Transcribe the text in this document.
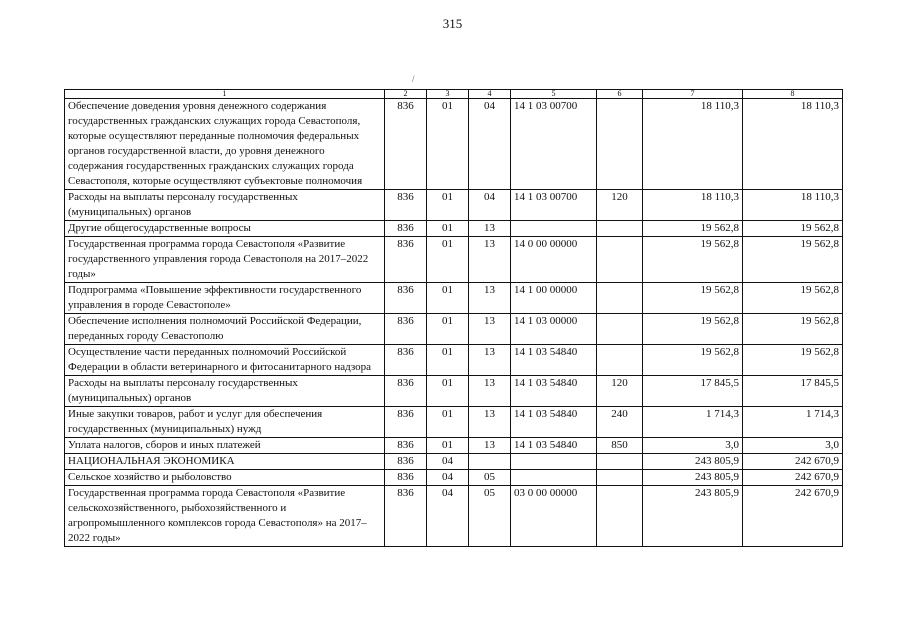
315
/
1	2	3	4	5	6	7	8
Обеспечение доведения уровня денежного содержания государственных гражданских служащих города Севастополя, которые осуществляют переданные полномочия федеральных органов государственной власти, до уровня денежного содержания государственных гражданских служащих города Севастополя, которые осуществляют субъектовые полномочия	836	01	04	14 1 03 00700		18 110,3	18 110,3
Расходы на выплаты персоналу государственных (муниципальных) органов	836	01	04	14 1 03 00700	120	18 110,3	18 110,3
Другие общегосударственные вопросы	836	01	13			19 562,8	19 562,8
Государственная программа города Севастополя «Развитие государственного управления города Севастополя на 2017–2022 годы»	836	01	13	14 0 00 00000		19 562,8	19 562,8
Подпрограмма «Повышение эффективности государственного управления в городе Севастополе»	836	01	13	14 1 00 00000		19 562,8	19 562,8
Обеспечение исполнения полномочий Российской Федерации, переданных городу Севастополю	836	01	13	14 1 03 00000		19 562,8	19 562,8
Осуществление части переданных полномочий Российской Федерации в области ветеринарного и фитосанитарного надзора	836	01	13	14 1 03 54840		19 562,8	19 562,8
Расходы на выплаты персоналу государственных (муниципальных) органов	836	01	13	14 1 03 54840	120	17 845,5	17 845,5
Иные закупки товаров, работ и услуг для обеспечения государственных (муниципальных) нужд	836	01	13	14 1 03 54840	240	1 714,3	1 714,3
Уплата налогов, сборов и иных платежей	836	01	13	14 1 03 54840	850	3,0	3,0
НАЦИОНАЛЬНАЯ ЭКОНОМИКА	836	04				243 805,9	242 670,9
Сельское хозяйство и рыболовство	836	04	05			243 805,9	242 670,9
Государственная программа города Севастополя «Развитие сельскохозяйственного, рыбохозяйственного и агропромышленного комплексов города Севастополя» на 2017–2022 годы»	836	04	05	03 0 00 00000		243 805,9	242 670,9
